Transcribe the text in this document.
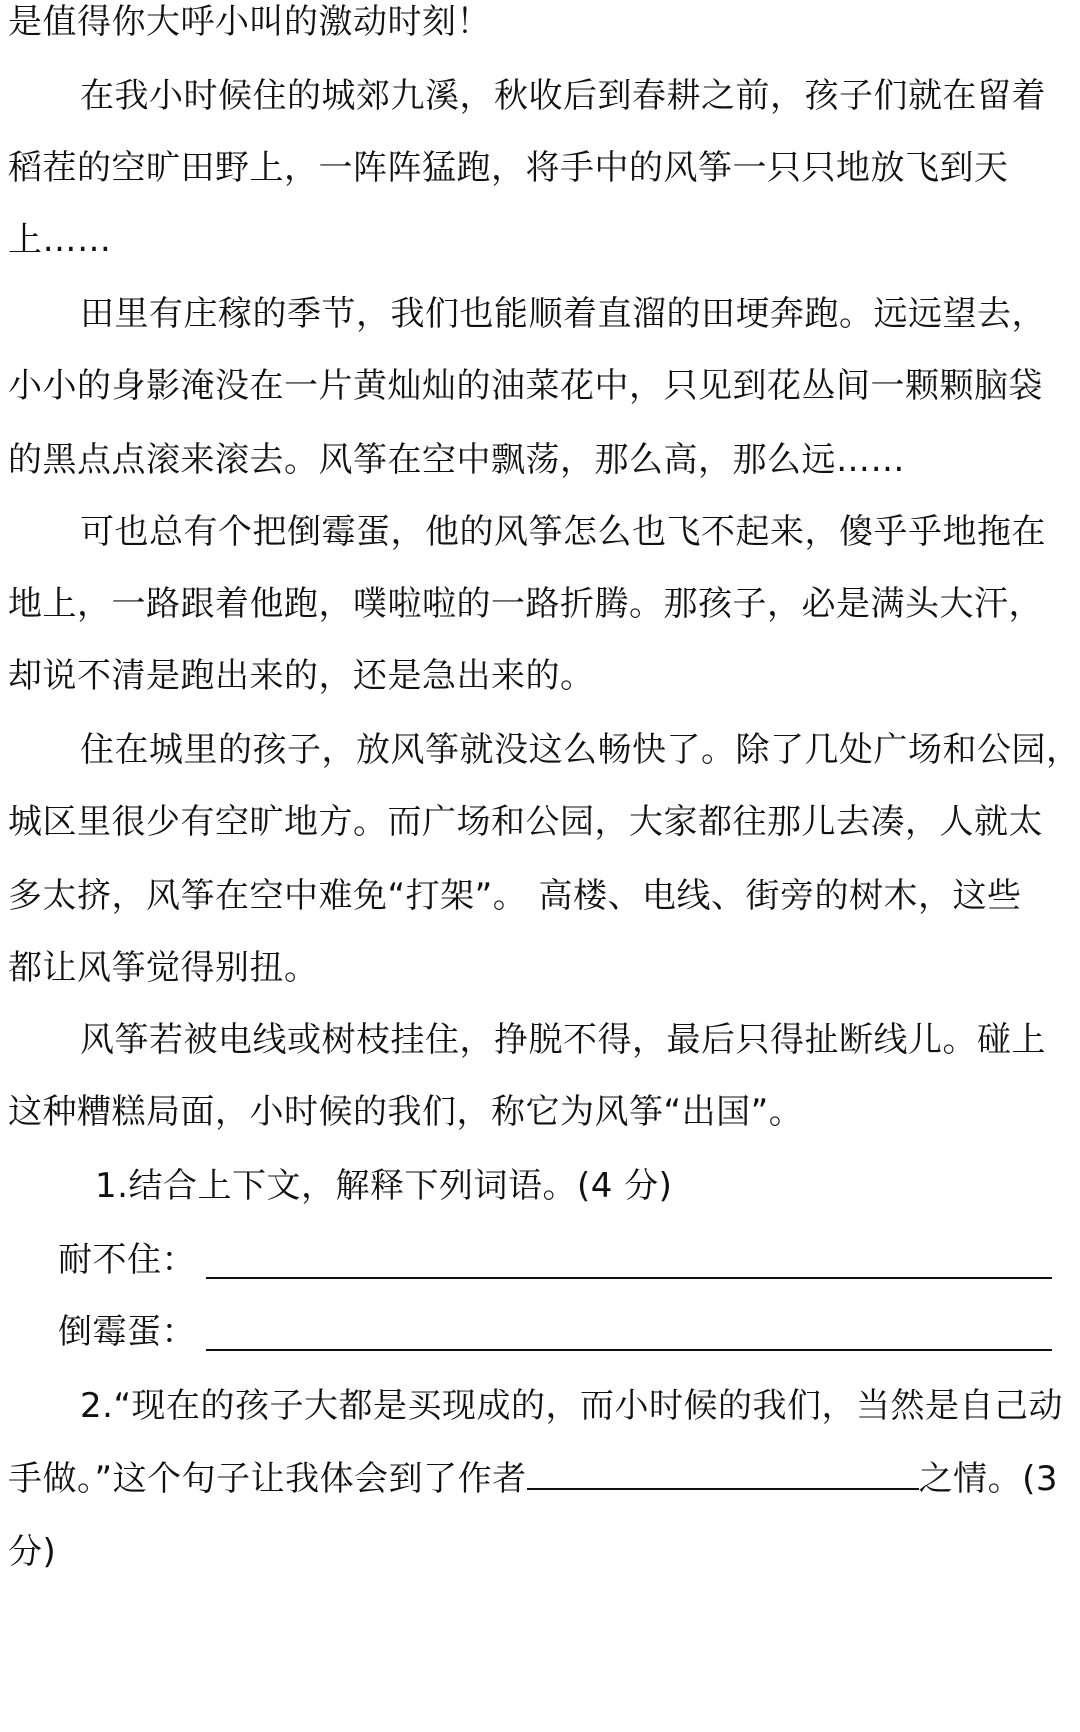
是值得你大呼小叫的激动时刻！
在我小时候住的城郊九溪，秋收后到春耕之前，孩子们就在留着
稻茬的空旷田野上，一阵阵猛跑，将手中的风筝一只只地放飞到天
上……
田里有庄稼的季节，我们也能顺着直溜的田埂奔跑。远远望去，
小小的身影淹没在一片黄灿灿的油菜花中，只见到花丛间一颗颗脑袋
的黑点点滚来滚去。风筝在空中飘荡，那么高，那么远……
可也总有个把倒霉蛋，他的风筝怎么也飞不起来，傻乎乎地拖在
地上，一路跟着他跑，噗啦啦的一路折腾。那孩子，必是满头大汗，
却说不清是跑出来的，还是急出来的。
住在城里的孩子，放风筝就没这么畅快了。除了几处广场和公园，
城区里很少有空旷地方。而广场和公园，大家都往那儿去凑，人就太
多太挤，风筝在空中难免“打架”。 高楼、电线、街旁的树木，这些
都让风筝觉得别扭。
风筝若被电线或树枝挂住，挣脱不得，最后只得扯断线儿。碰上
这种糟糕局面，小时候的我们，称它为风筝“出国”。
1.结合上下文，解释下列词语。(4 分)
耐不住：
倒霉蛋：
2.“现在的孩子大都是买现成的，而小时候的我们，当然是自己动
手做。”这个句子让我体会到了作者	之情。(3
分)
